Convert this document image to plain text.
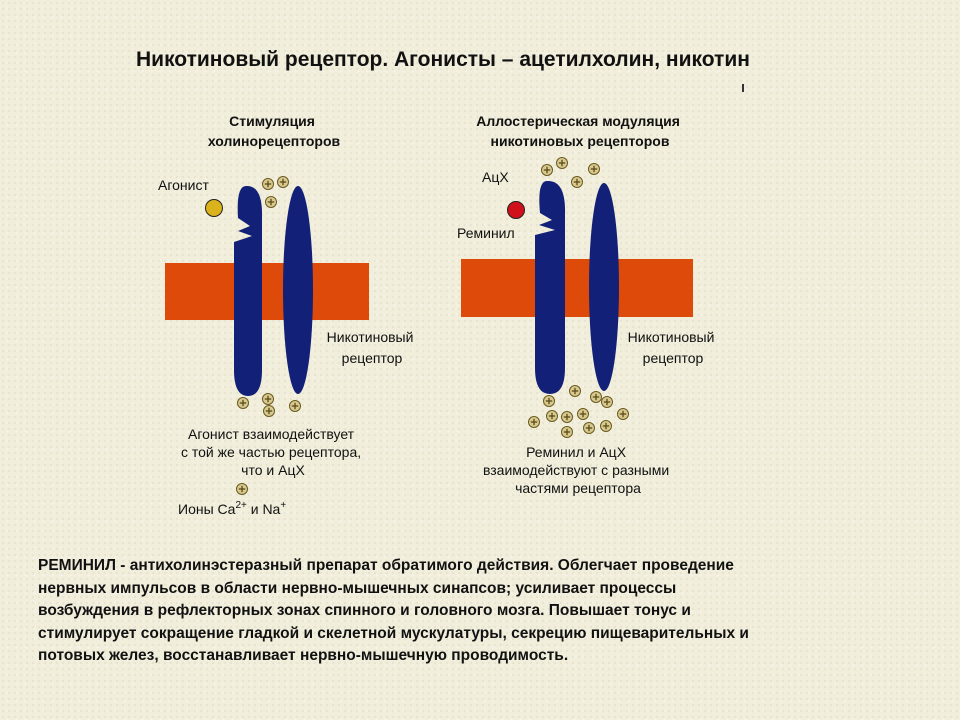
Никотиновый рецептор. Агонисты – ацетилхолин, никотин
Стимуляция холинорецепторов
Агонист
Никотиновый рецептор
Агонист взаимодействует с той же частью рецептора, что и АцХ
Ионы $Ca^{2+}$ и Na+
Аллостерическая модуляция никотиновых рецепторов
АцХ
Реминил
Никотиновый рецептор
Реминил и АцХ взаимодействуют с разными частями рецептора
РЕМИНИЛ - антихолинэстеразный препарат обратимого действия. Облегчает проведение
нервных импульсов в области нервно-мышечных синапсов; усиливает процессы
возбуждения в рефлекторных зонах спинного и головного мозга. Повышает тонус и
стимулирует сокращение гладкой и скелетной мускулатуры, секрецию пищеварительных и
потовых желез, восстанавливает нервно-мышечную проводимость.
